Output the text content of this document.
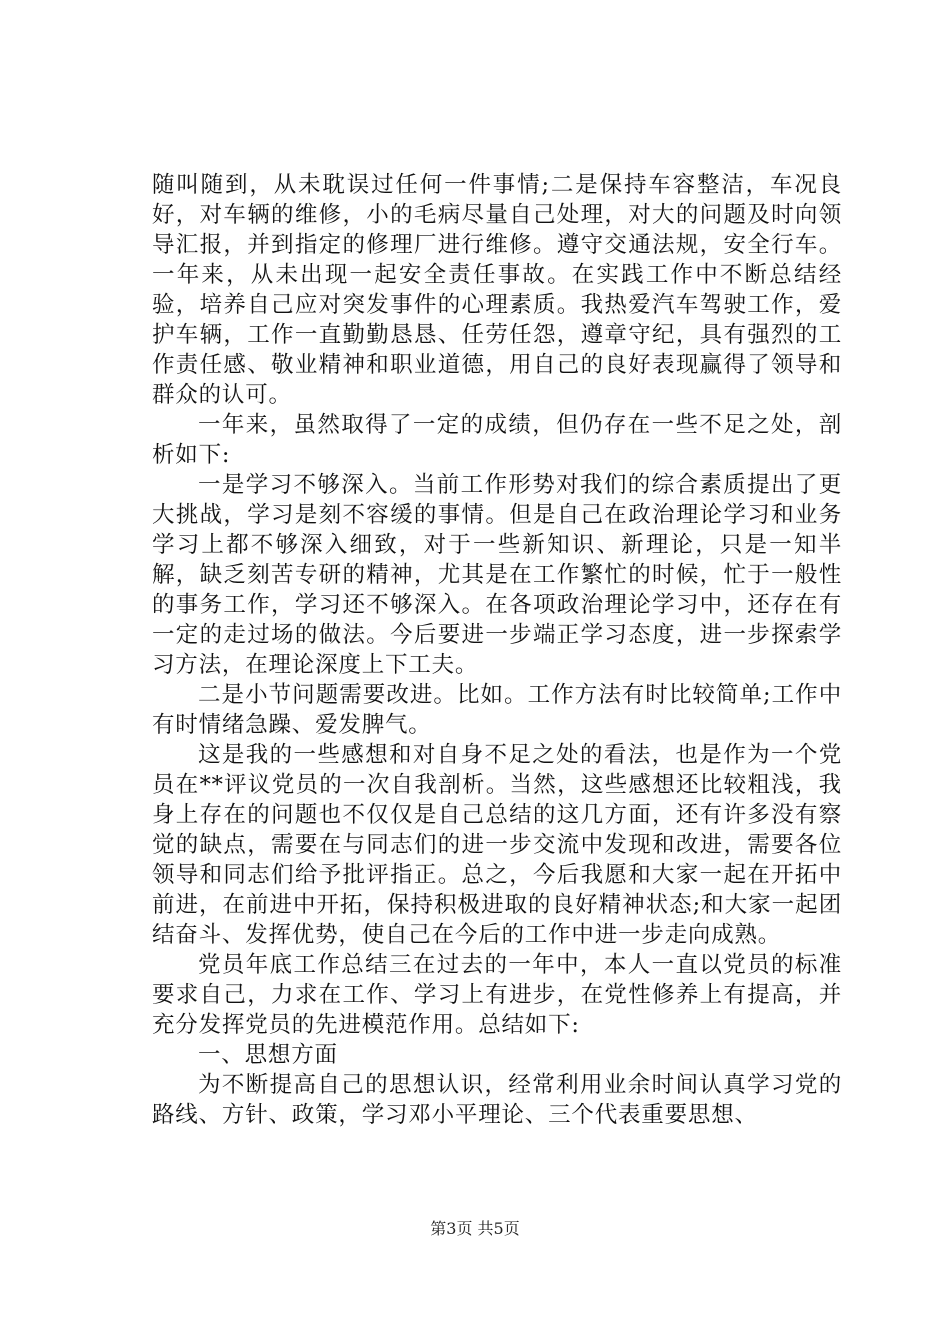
随叫随到，从未耽误过任何一件事情;二是保持车容整洁，车况良好，对车辆的维修，小的毛病尽量自己处理，对大的问题及时向领导汇报，并到指定的修理厂进行维修。遵守交通法规，安全行车。一年来，从未出现一起安全责任事故。在实践工作中不断总结经验，培养自己应对突发事件的心理素质。我热爱汽车驾驶工作，爱护车辆，工作一直勤勤恳恳、任劳任怨，遵章守纪，具有强烈的工作责任感、敬业精神和职业道德，用自己的良好表现赢得了领导和群众的认可。

一年来，虽然取得了一定的成绩，但仍存在一些不足之处，剖析如下:

一是学习不够深入。当前工作形势对我们的综合素质提出了更大挑战，学习是刻不容缓的事情。但是自己在政治理论学习和业务学习上都不够深入细致，对于一些新知识、新理论，只是一知半解，缺乏刻苦专研的精神，尤其是在工作繁忙的时候，忙于一般性的事务工作，学习还不够深入。在各项政治理论学习中，还存在有一定的走过场的做法。今后要进一步端正学习态度，进一步探索学习方法，在理论深度上下工夫。

二是小节问题需要改进。比如。工作方法有时比较简单;工作中有时情绪急躁、爱发脾气。

这是我的一些感想和对自身不足之处的看法，也是作为一个党员在**评议党员的一次自我剖析。当然，这些感想还比较粗浅，我身上存在的问题也不仅仅是自己总结的这几方面，还有许多没有察觉的缺点，需要在与同志们的进一步交流中发现和改进，需要各位领导和同志们给予批评指正。总之，今后我愿和大家一起在开拓中前进，在前进中开拓，保持积极进取的良好精神状态;和大家一起团结奋斗、发挥优势，使自己在今后的工作中进一步走向成熟。

党员年底工作总结三在过去的一年中，本人一直以党员的标准要求自己，力求在工作、学习上有进步，在党性修养上有提高，并充分发挥党员的先进模范作用。总结如下:

一、思想方面

为不断提高自己的思想认识，经常利用业余时间认真学习党的路线、方针、政策，学习邓小平理论、三个代表重要思想、

第3页 共5页
